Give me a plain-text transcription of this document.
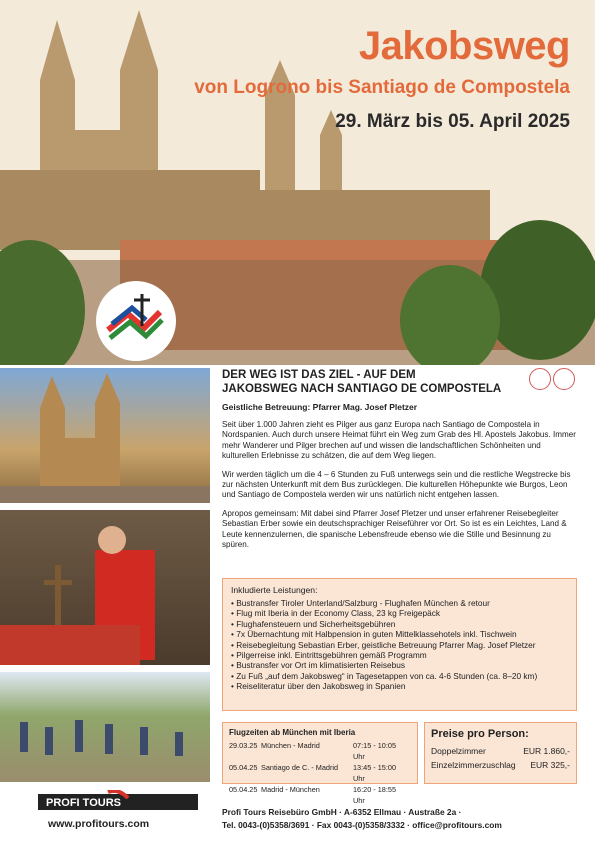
Jakobsweg
von Logrono bis Santiago de Compostela
29. März bis 05. April 2025
DER WEG IST DAS ZIEL - AUF DEM
JAKOBSWEG NACH SANTIAGO DE COMPOSTELA
Geistliche Betreuung: Pfarrer Mag. Josef Pletzer

Seit über 1.000 Jahren zieht es Pilger aus ganz Europa nach Santiago de Compostela in Nordspanien. Auch durch unsere Heimat führt ein Weg zum Grab des Hl. Apostels Jakobus. Immer mehr Wanderer und Pilger brechen auf und wissen die landschaftlichen Schönheiten und kulturellen Erlebnisse zu schätzen, die auf dem Weg liegen.

Wir werden täglich um die 4 – 6 Stunden zu Fuß unterwegs sein und die restliche Wegstrecke bis zur nächsten Unterkunft mit dem Bus zurücklegen. Die kulturellen Höhepunkte wie Burgos, Leon und Santiago de Compostela werden wir uns natürlich nicht entgehen lassen.

Apropos gemeinsam: Mit dabei sind Pfarrer Josef Pletzer und unser erfahrener Reisebegleiter Sebastian Erber sowie ein deutschsprachiger Reiseführer vor Ort. So ist es ein Leichtes, Land & Leute kennenzulernen, die spanische Lebensfreude ebenso wie die Stille und Besinnung zu spüren.

Inkludierte Leistungen:
• Bustransfer Tiroler Unterland/Salzburg - Flughafen München & retour
• Flug mit Iberia in der Economy Class, 23 kg Freigepäck
• Flughafensteuern und Sicherheitsgebühren
• 7x Übernachtung mit Halbpension in guten Mittelklassehotels inkl. Tischwein
• Reisebegleitung Sebastian Erber, geistliche Betreuung Pfarrer Mag. Josef Pletzer
• Pilgerreise inkl. Eintrittsgebühren gemäß Programm
• Bustransfer vor Ort im klimatisierten Reisebus
• Zu Fuß „auf dem Jakobsweg“ in Tagesetappen von ca. 4-6 Stunden (ca. 8–20 km)
• Reiseliteratur über den Jakobsweg in Spanien
Flugzeiten ab München mit Iberia
29.03.25 München - Madrid	07:15 - 10:05 Uhr
05.04.25 Santiago de C. - Madrid	13:45 - 15:00 Uhr
05.04.25 Madrid - München	16:20 - 18:55 Uhr
Preise pro Person:
Doppelzimmer	EUR 1.860,-
Einzelzimmerzuschlag EUR 325,-
PROFI TOURS
www.profitours.com
Profi Tours Reisebüro GmbH · A-6352 Ellmau · Austraße 2a ·
Tel. 0043-(0)5358/3691 · Fax 0043-(0)5358/3332 · office@profitours.com
